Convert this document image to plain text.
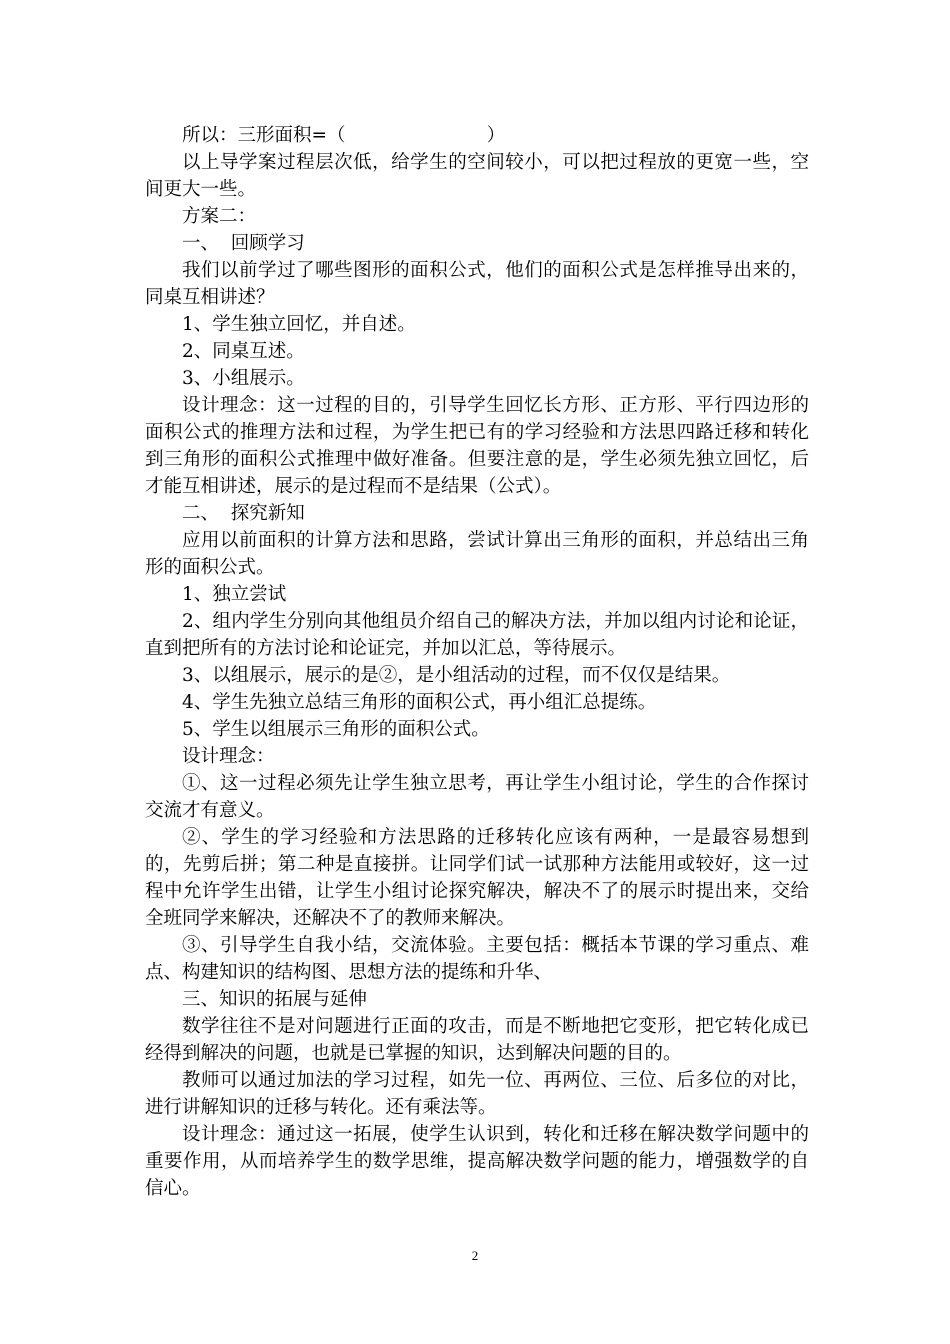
所以：三形面积=（                        ）

以上导学案过程层次低，给学生的空间较小，可以把过程放的更宽一些，空间更大一些。

方案二：

一、  回顾学习

我们以前学过了哪些图形的面积公式，他们的面积公式是怎样推导出来的，同桌互相讲述？

1、学生独立回忆，并自述。

2、同桌互述。

3、小组展示。

设计理念：这一过程的目的，引导学生回忆长方形、正方形、平行四边形的面积公式的推理方法和过程，为学生把已有的学习经验和方法思四路迁移和转化到三角形的面积公式推理中做好准备。但要注意的是，学生必须先独立回忆，后才能互相讲述，展示的是过程而不是结果（公式）。

二、  探究新知

应用以前面积的计算方法和思路，尝试计算出三角形的面积，并总结出三角形的面积公式。

1、独立尝试

2、组内学生分别向其他组员介绍自己的解决方法，并加以组内讨论和论证，直到把所有的方法讨论和论证完，并加以汇总，等待展示。

3、以组展示，展示的是②，是小组活动的过程，而不仅仅是结果。

4、学生先独立总结三角形的面积公式，再小组汇总提练。

5、学生以组展示三角形的面积公式。

设计理念：

①、这一过程必须先让学生独立思考，再让学生小组讨论，学生的合作探讨交流才有意义。

②、学生的学习经验和方法思路的迁移转化应该有两种，一是最容易想到的，先剪后拼；第二种是直接拼。让同学们试一试那种方法能用或较好，这一过程中允许学生出错，让学生小组讨论探究解决，解决不了的展示时提出来，交给全班同学来解决，还解决不了的教师来解决。

③、引导学生自我小结，交流体验。主要包括：概括本节课的学习重点、难点、构建知识的结构图、思想方法的提练和升华、

三、知识的拓展与延伸

数学往往不是对问题进行正面的攻击，而是不断地把它变形，把它转化成已经得到解决的问题，也就是已掌握的知识，达到解决问题的目的。

教师可以通过加法的学习过程，如先一位、再两位、三位、后多位的对比，进行讲解知识的迁移与转化。还有乘法等。

设计理念：通过这一拓展，使学生认识到，转化和迁移在解决数学问题中的重要作用，从而培养学生的数学思维，提高解决数学问题的能力，增强数学的自信心。

2
